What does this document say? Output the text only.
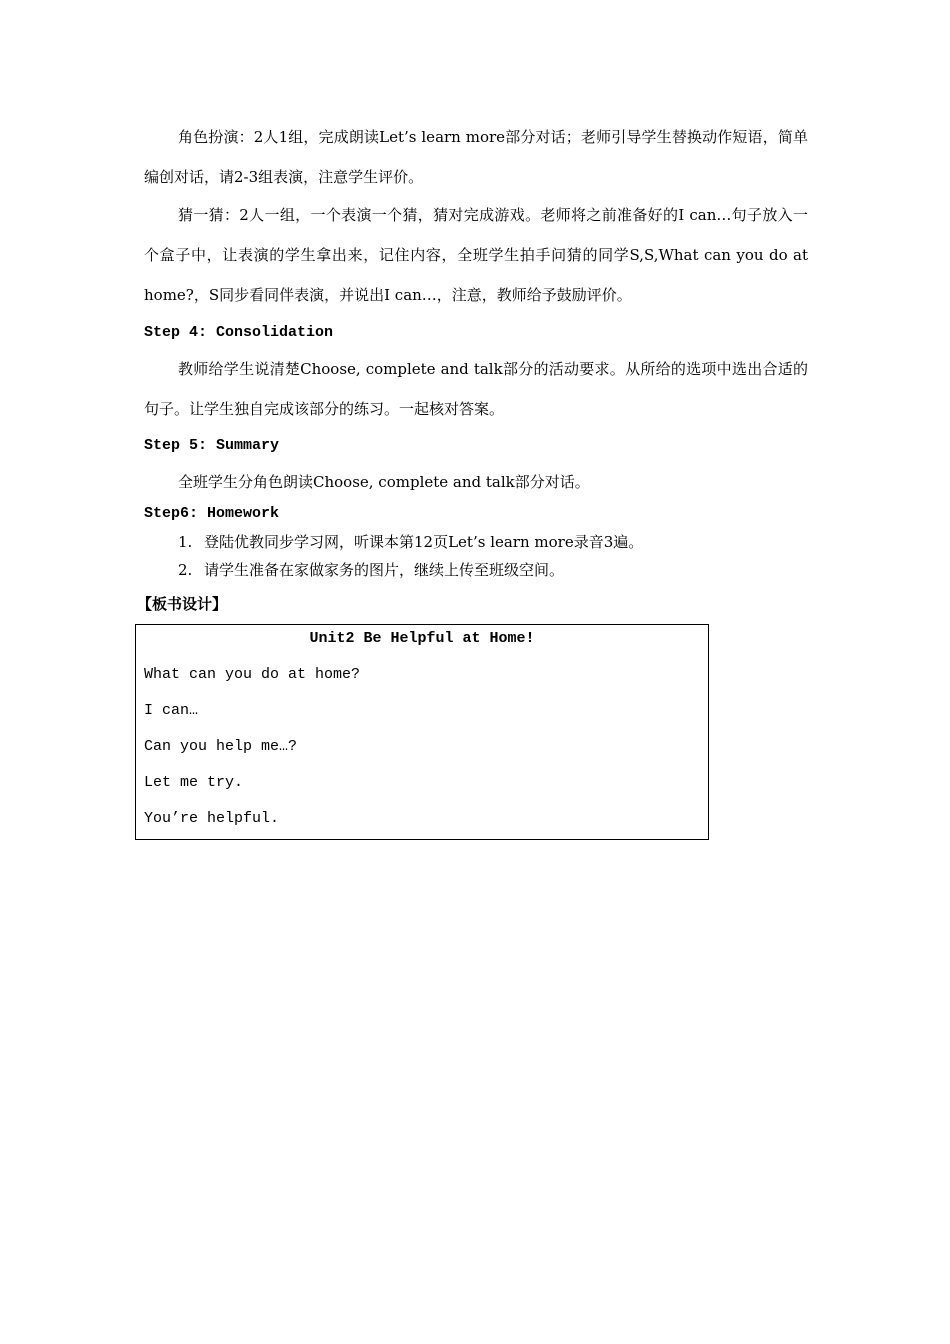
角色扮演：2人1组，完成朗读Let’s learn more部分对话；老师引导学生替换动作短语，简单编创对话，请2-3组表演，注意学生评价。
猜一猜：2人一组，一个表演一个猜，猜对完成游戏。老师将之前准备好的I can…句子放入一个盒子中，让表演的学生拿出来，记住内容，全班学生拍手问猜的同学S,S,What can you do at home?，S同步看同伴表演，并说出I can…，注意，教师给予鼓励评价。
Step 4: Consolidation
教师给学生说清楚Choose, complete and talk部分的活动要求。从所给的选项中选出合适的句子。让学生独自完成该部分的练习。一起核对答案。
Step 5: Summary
全班学生分角色朗读Choose, complete and talk部分对话。
Step6: Homework
1. 登陆优教同步学习网，听课本第12页Let’s learn more录音3遍。
2. 请学生准备在家做家务的图片，继续上传至班级空间。
【板书设计】
Unit2 Be Helpful at Home!
What can you do at home?
I can…
Can you help me…?
Let me try.
You’re helpful.
